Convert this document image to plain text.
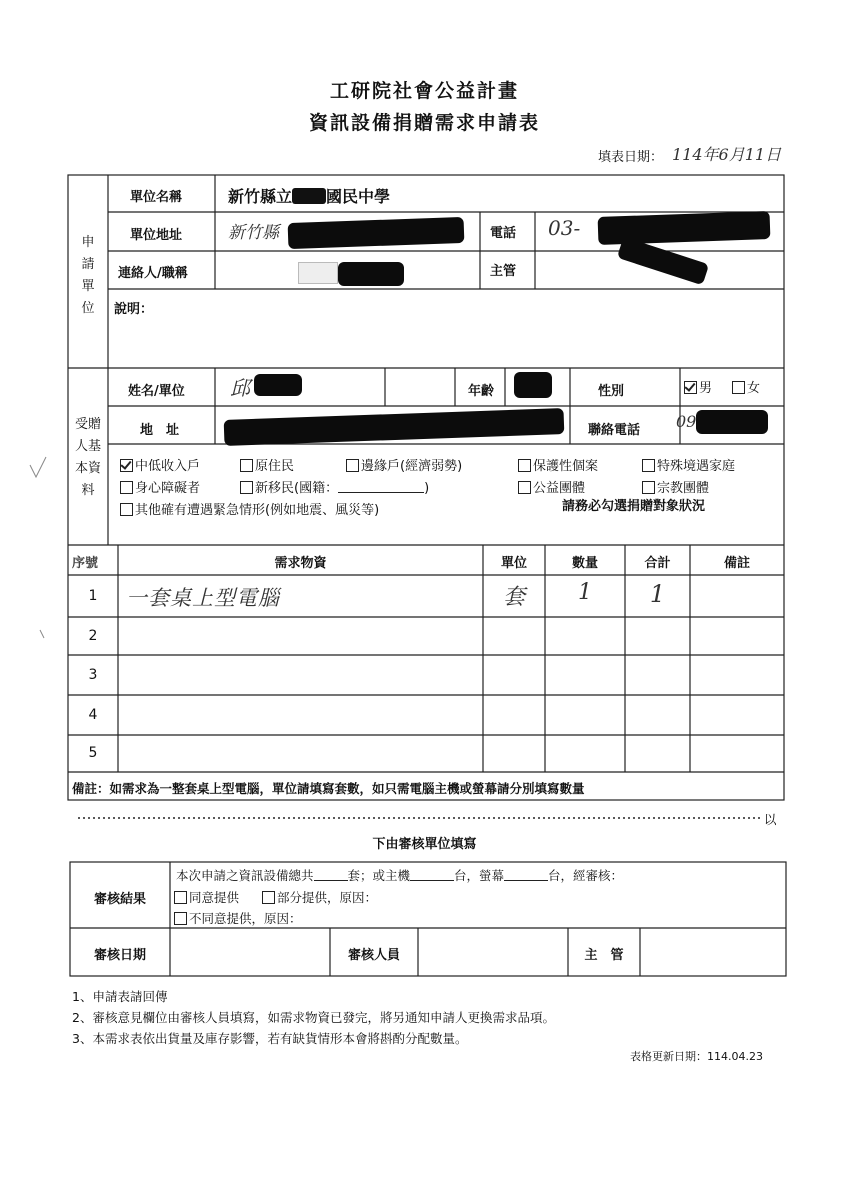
工研院社會公益計畫
資訊設備捐贈需求申請表
填表日期： 114年6月11日
申
請
單
位
單位名稱	新竹縣立 國民中學
單位地址	新竹縣	電話 03-
連絡人/職稱	主管
說明：
受贈
人基
本資
料
姓名/單位 邱	年齡	性別	男	女
地　址	聯絡電話 09
中低收入戶	原住民	邊緣戶(經濟弱勢)	保護性個案	特殊境遇家庭
身心障礙者	新移民(國籍：	)	公益團體	宗教團體
其他確有遭遇緊急情形(例如地震、風災等)	請務必勾選捐贈對象狀況
序號	需求物資	單位	數量	合計	備註
1	一套桌上型電腦	套	1	1
2
3
4
5
備註：如需求為一整套桌上型電腦，單位請填寫套數，如只需電腦主機或螢幕請分別填寫數量
以
下由審核單位填寫
審核結果
本次申請之資訊設備總共	套；或主機	台，螢幕	台，經審核：
同意提供	部分提供，原因：
不同意提供，原因：
審核日期	審核人員	主　管
1、申請表請回傳
2、審核意見欄位由審核人員填寫，如需求物資已發完，將另通知申請人更換需求品項。
3、本需求表依出貨量及庫存影響，若有缺貨情形本會將斟酌分配數量。
表格更新日期：114.04.23
